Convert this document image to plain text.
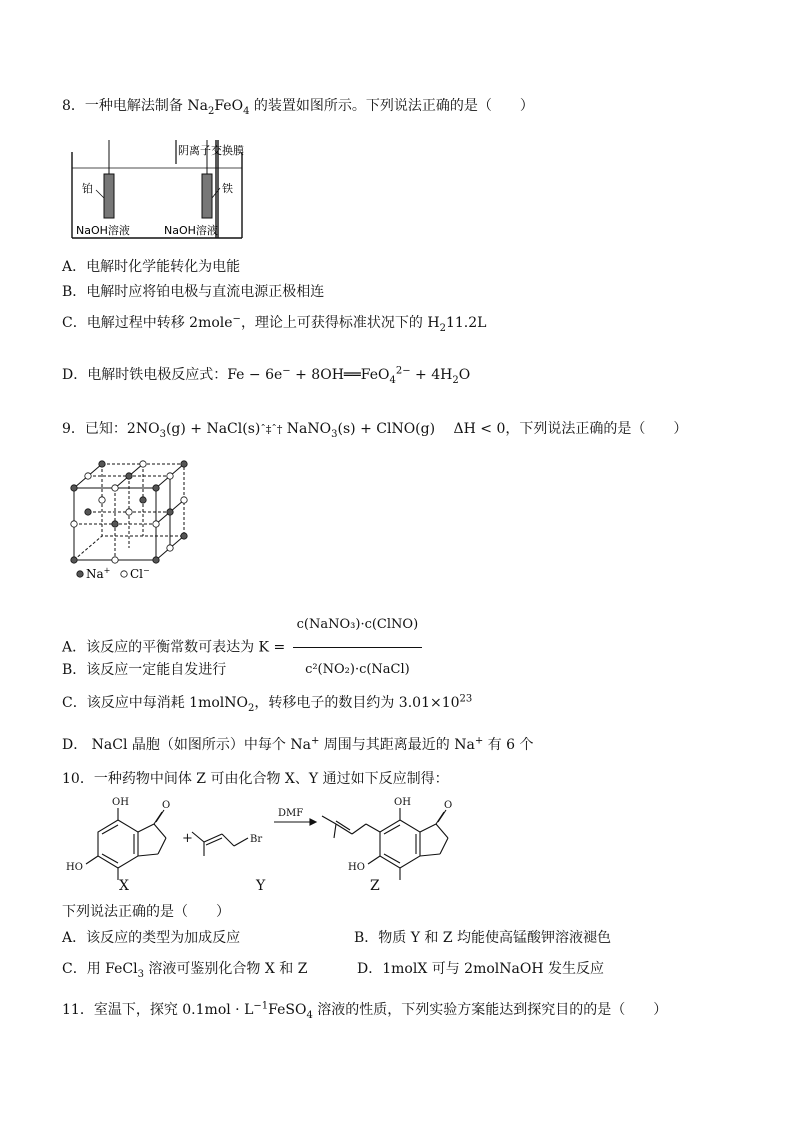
8．一种电解法制备 $Na_2FeO_4$ 的装置如图所示。下列说法正确的是（　　）
阴离子交换膜
铂	铁
NaOH溶液	NaOH溶液
A．电解时化学能转化为电能
B．电解时应将铂电极与直流电源正极相连
C．电解过程中转移 2mole−，理论上可获得标准状况下的 $H_211.2L$
D．电解时铁电极反应式：Fe − 6e− + 8OH══FeO$_4^{2-}$ + $4H_2O$
9．已知：$2NO_3(g)$ + NaCl(s)ˆ‡ˆ† NaNO$_3$(s) + ClNO(g)　 ΔH < 0，下列说法正确的是（　　）
Na+ Cl−
A．该反应的平衡常数可表达为 $K = \frac{\text{c(NaNO₃)·c(ClNO)}}{\text{c²(NO₂)·c(NaCl)}}$
B．该反应一定能自发进行
C．该反应中每消耗 1molNO$_2$，转移电子的数目约为 $3.01\times 10^{23}$
D． NaCl 晶胞（如图所示）中每个 Na+ 周围与其距离最近的 Na+ 有 6 个
10．一种药物中间体 Z 可由化合物 X、Y 通过如下反应制得：
OH
HO
O
+	Br
DMF
OH
HO
O
X	Y	Z
下列说法正确的是（　　）
A．该反应的类型为加成反应	B．物质 Y 和 Z 均能使高锰酸钾溶液褪色
C．用 FeCl$_3$ 溶液可鉴别化合物 X 和 Z	D．1molX 可与 2molNaOH 发生反应
11．室温下，探究 $0.1mol \cdot L^{-1}FeSO_4$ 溶液的性质，下列实验方案能达到探究目的的是（　　）
